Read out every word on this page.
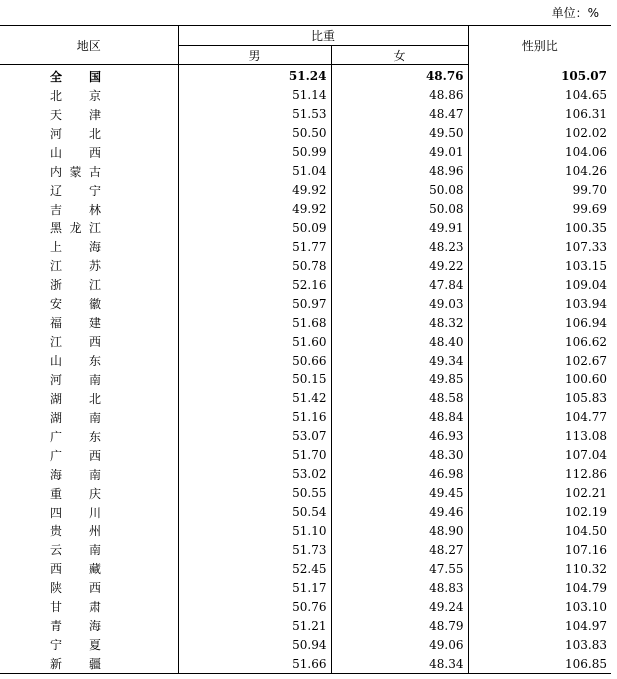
单位：%
地区	比重		性别比
	男	女	
全　国	51.24	48.76	105.07
北　京	51.14	48.86	104.65
天　津	51.53	48.47	106.31
河　北	50.50	49.50	102.02
山　西	50.99	49.01	104.06
内蒙古	51.04	48.96	104.26
辽　宁	49.92	50.08	99.70
吉　林	49.92	50.08	99.69
黑龙江	50.09	49.91	100.35
上　海	51.77	48.23	107.33
江　苏	50.78	49.22	103.15
浙　江	52.16	47.84	109.04
安　徽	50.97	49.03	103.94
福　建	51.68	48.32	106.94
江　西	51.60	48.40	106.62
山　东	50.66	49.34	102.67
河　南	50.15	49.85	100.60
湖　北	51.42	48.58	105.83
湖　南	51.16	48.84	104.77
广　东	53.07	46.93	113.08
广　西	51.70	48.30	107.04
海　南	53.02	46.98	112.86
重　庆	50.55	49.45	102.21
四　川	50.54	49.46	102.19
贵　州	51.10	48.90	104.50
云　南	51.73	48.27	107.16
西　藏	52.45	47.55	110.32
陕　西	51.17	48.83	104.79
甘　肃	50.76	49.24	103.10
青　海	51.21	48.79	104.97
宁　夏	50.94	49.06	103.83
新　疆	51.66	48.34	106.85
